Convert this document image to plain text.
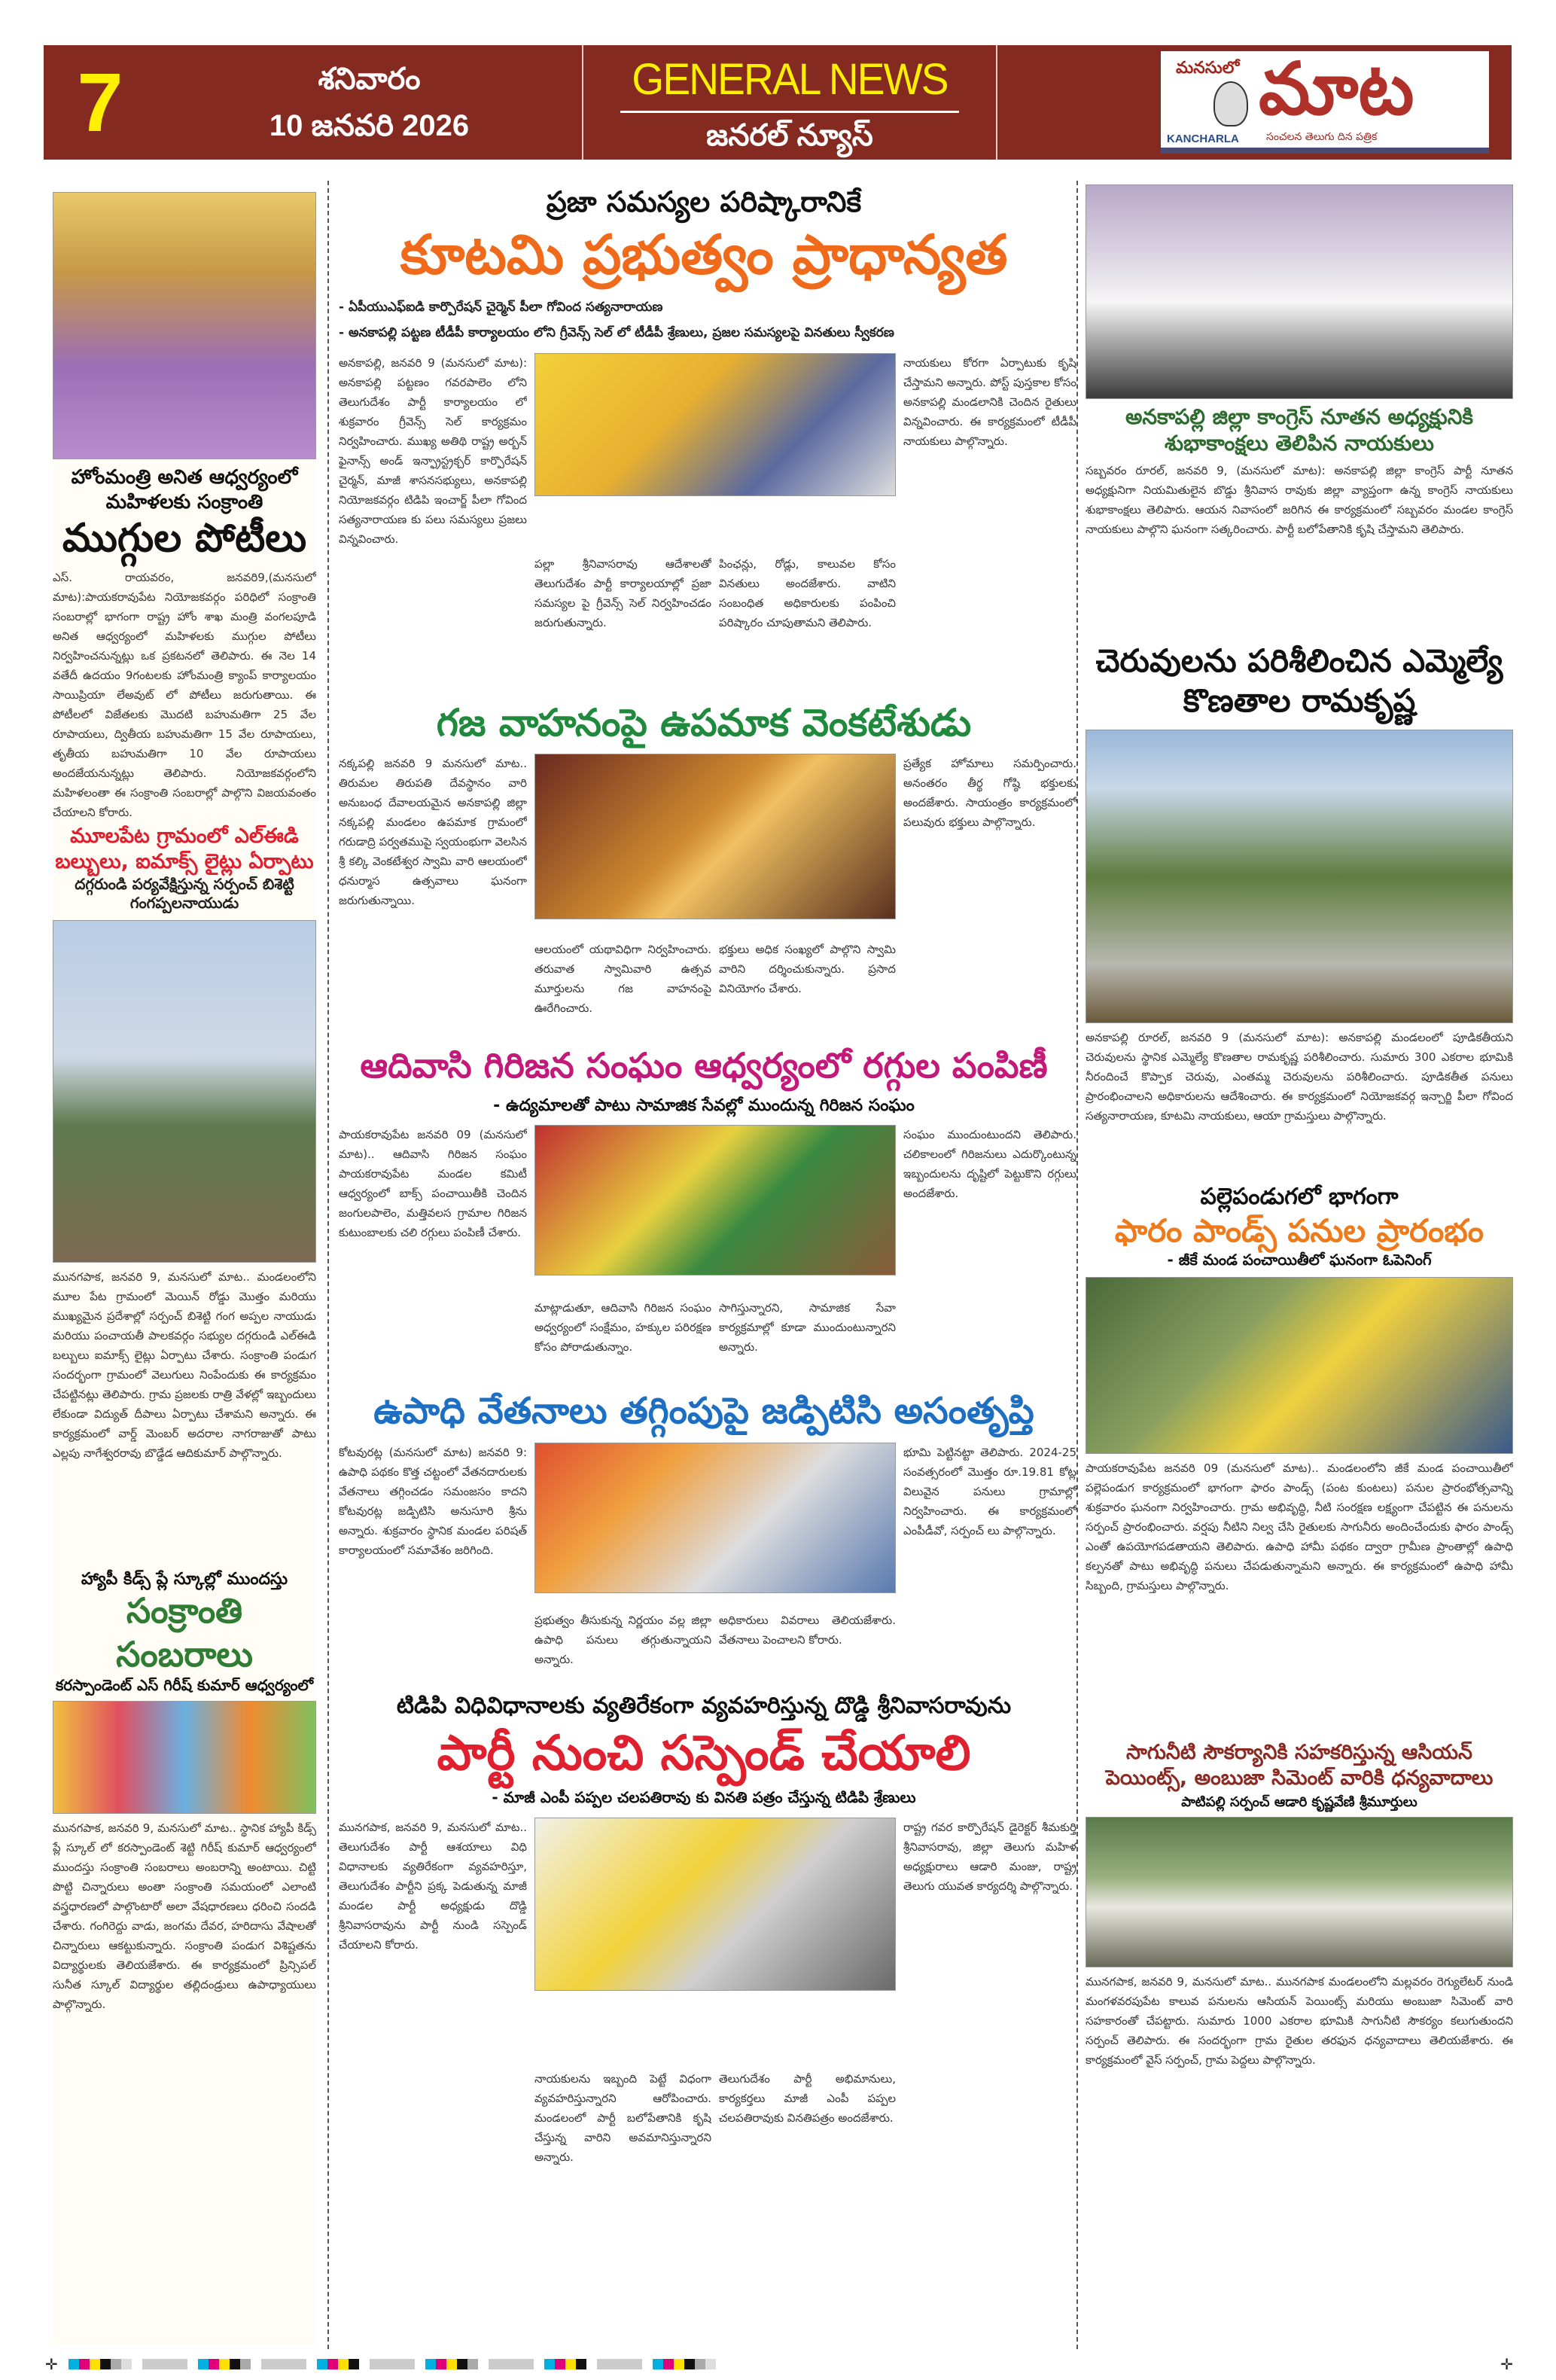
7	శనివారం
10 జనవరి 2026
GENERAL NEWS
జనరల్ న్యూస్
మనసులో మాట
KANCHARLA	సంచలన తెలుగు దిన పత్రిక
హోంమంత్రి అనిత ఆధ్వర్యంలో
మహిళలకు సంక్రాంతి
ముగ్గుల పోటీలు
ఎస్. రాయవరం, జనవరి9,(మనసులో మాట):పాయకరావుపేట నియోజకవర్గం పరిధిలో సంక్రాంతి సంబరాల్లో భాగంగా రాష్ట్ర హోం శాఖ మంత్రి వంగలపూడి అనిత ఆధ్వర్యంలో మహిళలకు ముగ్గుల పోటీలు నిర్వహించనున్నట్లు ఒక ప్రకటనలో తెలిపారు. ఈ నెల 14 వతేదీ ఉదయం 9గంటలకు హోంమంత్రి క్యాంప్ కార్యాలయం సాయిప్రియా లేఅవుట్ లో పోటీలు జరుగుతాయి. ఈ పోటీలలో విజేతలకు మొదటి బహుమతిగా 25 వేల రూపాయలు, ద్వితీయ బహుమతిగా 15 వేల రూపాయలు, తృతీయ బహుమతిగా 10 వేల రూపాయలు అందజేయనున్నట్లు తెలిపారు. నియోజకవర్గంలోని మహిళలంతా ఈ సంక్రాంతి సంబరాల్లో పాల్గొని విజయవంతం చేయాలని కోరారు.
మూలపేట గ్రామంలో ఎల్ఈడి బల్బులు, ఐమాక్స్ లైట్లు ఏర్పాటు
దగ్గరుండి పర్యవేక్షిస్తున్న సర్పంచ్ బిశెట్టి గంగప్పలనాయుడు
మునగపాక, జనవరి 9, మనసులో మాట.. మండలంలోని మూల పేట గ్రామంలో మెయిన్ రోడ్డు మొత్తం మరియు ముఖ్యమైన ప్రదేశాల్లో సర్పంచ్ బిశెట్టి గంగ అప్పల నాయుడు మరియు పంచాయతీ పాలకవర్గం సభ్యుల దగ్గరుండి ఎల్ఈడి బల్బులు ఐమాక్స్ లైట్లు ఏర్పాటు చేశారు. సంక్రాంతి పండుగ సందర్భంగా గ్రామంలో వెలుగులు నింపేందుకు ఈ కార్యక్రమం చేపట్టినట్లు తెలిపారు. గ్రామ ప్రజలకు రాత్రి వేళల్లో ఇబ్బందులు లేకుండా విద్యుత్ దీపాలు ఏర్పాటు చేశామని అన్నారు. ఈ కార్యక్రమంలో వార్డ్ మెంబర్ అదరాల నాగరాజుతో పాటు ఎల్లపు నాగేశ్వరరావు బొడ్డేడ ఆదికుమార్ పాల్గొన్నారు.
హ్యాపీ కిడ్స్ ప్లే స్కూల్లో ముందస్తు
సంక్రాంతి సంబరాలు
కరస్పాండెంట్ ఎస్ గిరీష్ కుమార్ ఆధ్వర్యంలో
మునగపాక, జనవరి 9, మనసులో మాట.. స్థానిక హ్యాపీ కిడ్స్ ప్లే స్కూల్ లో కరస్పాండెంట్ శెట్టి గిరీష్ కుమార్ ఆధ్వర్యంలో ముందస్తు సంక్రాంతి సంబరాలు అంబరాన్ని అంటాయి. చిట్టి పొట్టి చిన్నారులు అంతా సంక్రాంతి సమయంలో ఎలాంటి వస్త్రధారణలో పాల్గొంటారో అలా వేషధారణలు ధరించి సందడి చేశారు. గంగిరెద్దు వాడు, జంగమ దేవర, హరిదాసు వేషాలతో చిన్నారులు ఆకట్టుకున్నారు. సంక్రాంతి పండుగ విశిష్టతను విద్యార్థులకు తెలియజేశారు. ఈ కార్యక్రమంలో ప్రిన్సిపల్ సునీత స్కూల్ విద్యార్థుల తల్లిదండ్రులు ఉపాధ్యాయులు పాల్గొన్నారు.
ప్రజా సమస్యల పరిష్కారానికే
కూటమి ప్రభుత్వం ప్రాధాన్యత
- ఏపీయుఎఫ్ఐడి కార్పొరేషన్ చైర్మెన్ పీలా గోవింద సత్యనారాయణ
- అనకాపల్లి పట్టణ టీడీపీ కార్యాలయం లోని గ్రీవెన్స్ సెల్ లో టీడీపీ శ్రేణులు, ప్రజల సమస్యలపై వినతులు స్వీకరణ
అనకాపల్లి, జనవరి 9 (మనసులో మాట): అనకాపల్లి పట్టణం గవరపాలెం లోని తెలుగుదేశం పార్టీ కార్యాలయం లో శుక్రవారం గ్రీవెన్స్ సెల్ కార్యక్రమం నిర్వహించారు. ముఖ్య అతిథి రాష్ట్ర అర్బన్ ఫైనాన్స్ అండ్ ఇన్ఫ్రాస్ట్రక్చర్ కార్పొరేషన్ చైర్మన్, మాజీ శాసనసభ్యులు, అనకాపల్లి నియోజకవర్గం టిడిపి ఇంచార్జ్ పీలా గోవింద సత్యనారాయణ కు పలు సమస్యలు ప్రజలు విన్నవించారు.
పల్లా శ్రీనివాసరావు ఆదేశాలతో తెలుగుదేశం పార్టీ కార్యాలయాల్లో ప్రజా సమస్యల పై గ్రీవెన్స్ సెల్ నిర్వహించడం జరుగుతున్నారు.
పింఛన్లు, రోడ్లు, కాలువల కోసం వినతులు అందజేశారు. వాటిని సంబంధిత అధికారులకు పంపించి పరిష్కారం చూపుతామని తెలిపారు.
నాయకులు కోరగా ఏర్పాటుకు కృషి చేస్తామని అన్నారు. పోస్ట్ పుస్తకాల కోసం అనకాపల్లి మండలానికి చెందిన రైతులు విన్నవించారు. ఈ కార్యక్రమంలో టీడీపీ నాయకులు పాల్గొన్నారు.
గజ వాహనంపై ఉపమాక వెంకటేశుడు
నక్కపల్లి జనవరి 9 మనసులో మాట.. తిరుమల తిరుపతి దేవస్థానం వారి అనుబంధ దేవాలయమైన అనకాపల్లి జిల్లా నక్కపల్లి మండలం ఉపమాక గ్రామంలో గరుడాద్రి పర్వతముపై స్వయంభుగా వెలసిన శ్రీ కల్కి వెంకటేశ్వర స్వామి వారి ఆలయంలో ధనుర్మాస ఉత్సవాలు ఘనంగా జరుగుతున్నాయి.
ఆలయంలో యథావిధిగా నిర్వహించారు. తరువాత స్వామివారి ఉత్సవ మూర్తులను గజ వాహనంపై ఊరేగించారు.
భక్తులు అధిక సంఖ్యలో పాల్గొని స్వామి వారిని దర్శించుకున్నారు. ప్రసాద వినియోగం చేశారు.
ప్రత్యేక హోమాలు సమర్పించారు. అనంతరం తీర్థ గోష్ఠి భక్తులకు అందజేశారు. సాయంత్రం కార్యక్రమంలో పలువురు భక్తులు పాల్గొన్నారు.
ఆదివాసి గిరిజన సంఘం ఆధ్వర్యంలో రగ్గుల పంపిణీ
- ఉద్యమాలతో పాటు సామాజిక సేవల్లో ముందున్న గిరిజన సంఘం
పాయకరావుపేట జనవరి 09 (మనసులో మాట).. ఆదివాసి గిరిజన సంఘం పాయకరావుపేట మండల కమిటీ ఆధ్వర్యంలో బాక్స్ పంచాయితీకి చెందిన జంగులపాలెం, మత్తివలస గ్రామాల గిరిజన కుటుంబాలకు చలి రగ్గులు పంపిణీ చేశారు.
మాట్లాడుతూ, ఆదివాసి గిరిజన సంఘం అధ్వర్యంలో సంక్షేమం, హక్కుల పరిరక్షణ కోసం పోరాడుతున్నాం.
సాగిస్తున్నారని, సామాజిక సేవా కార్యక్రమాల్లో కూడా ముందుంటున్నారని అన్నారు.
సంఘం ముందుంటుందని తెలిపారు. చలికాలంలో గిరిజనులు ఎదుర్కొంటున్న ఇబ్బందులను దృష్టిలో పెట్టుకొని రగ్గులు అందజేశారు.
ఉపాధి వేతనాలు తగ్గింపుపై జడ్పిటిసి అసంతృప్తి
కోటవురట్ల (మనసులో మాట) జనవరి 9: ఉపాధి పథకం కొత్త చట్టంలో వేతనదారులకు వేతనాలు తగ్గించడం సమంజసం కాదని కోటవురట్ల జడ్పిటిసి అనుసూరి శ్రీను అన్నారు. శుక్రవారం స్థానిక మండల పరిషత్ కార్యాలయంలో సమావేశం జరిగింది.
ప్రభుత్వం తీసుకున్న నిర్ణయం వల్ల జిల్లా ఉపాధి పనులు తగ్గుతున్నాయని అన్నారు.
అధికారులు వివరాలు తెలియజేశారు. వేతనాలు పెంచాలని కోరారు.
భూమి పెట్టినట్టా తెలిపారు. 2024-25 సంవత్సరంలో మొత్తం రూ.19.81 కోట్ల విలువైన పనులు గ్రామాల్లో నిర్వహించారు. ఈ కార్యక్రమంలో ఎంపీడీవో, సర్పంచ్ లు పాల్గొన్నారు.
టిడిపి విధివిధానాలకు వ్యతిరేకంగా వ్యవహరిస్తున్న దొడ్డి శ్రీనివాసరావును
పార్టీ నుంచి సస్పెండ్ చేయాలి
- మాజీ ఎంపీ పప్పల చలపతిరావు కు వినతి పత్రం చేస్తున్న టిడిపి శ్రేణులు
మునగపాక, జనవరి 9, మనసులో మాట.. తెలుగుదేశం పార్టీ ఆశయాలు విధి విధానాలకు వ్యతిరేకంగా వ్యవహరిస్తూ, తెలుగుదేశం పార్టీని ప్రక్క పెడుతున్న మాజీ మండల పార్టీ అధ్యక్షుడు దొడ్డి శ్రీనివాసరావును పార్టీ నుండి సస్పెండ్ చేయాలని కోరారు.
నాయకులను ఇబ్బంది పెట్టే విధంగా వ్యవహరిస్తున్నారని ఆరోపించారు. మండలంలో పార్టీ బలోపేతానికి కృషి చేస్తున్న వారిని అవమానిస్తున్నారని అన్నారు.
తెలుగుదేశం పార్టీ అభిమానులు, కార్యకర్తలు మాజీ ఎంపీ పప్పల చలపతిరావుకు వినతిపత్రం అందజేశారు.
రాష్ట్ర గవర కార్పొరేషన్ డైరెక్టర్ శీమకుర్తి శ్రీనివాసరావు, జిల్లా తెలుగు మహిళ అధ్యక్షురాలు ఆడారి మంజు, రాష్ట్ర తెలుగు యువత కార్యదర్శి పాల్గొన్నారు.
అనకాపల్లి జిల్లా కాంగ్రెస్ నూతన అధ్యక్షునికి శుభాకాంక్షలు తెలిపిన నాయకులు
సబ్బవరం రూరల్, జనవరి 9, (మనసులో మాట): అనకాపల్లి జిల్లా కాంగ్రెస్ పార్టీ నూతన అధ్యక్షునిగా నియమితులైన బొడ్డు శ్రీనివాస రావుకు జిల్లా వ్యాప్తంగా ఉన్న కాంగ్రెస్ నాయకులు శుభాకాంక్షలు తెలిపారు. ఆయన నివాసంలో జరిగిన ఈ కార్యక్రమంలో సబ్బవరం మండల కాంగ్రెస్ నాయకులు పాల్గొని ఘనంగా సత్కరించారు. పార్టీ బలోపేతానికి కృషి చేస్తామని తెలిపారు.
చెరువులను పరిశీలించిన ఎమ్మెల్యే కొణతాల రామకృష్ణ
అనకాపల్లి రూరల్, జనవరి 9 (మనసులో మాట): అనకాపల్లి మండలంలో పూడికతీయని చెరువులను స్థానిక ఎమ్మెల్యే కొణతాల రామకృష్ణ పరిశీలించారు. సుమారు 300 ఎకరాల భూమికి నీరందించే కొప్పాక చెరువు, ఎంతమ్మ చెరువులను పరిశీలించారు. పూడికతీత పనులు ప్రారంభించాలని అధికారులను ఆదేశించారు. ఈ కార్యక్రమంలో నియోజకవర్గ ఇన్చార్జి పీలా గోవింద సత్యనారాయణ, కూటమి నాయకులు, ఆయా గ్రామస్తులు పాల్గొన్నారు.
పల్లెపండుగలో భాగంగా
ఫారం పాండ్స్ పనుల ప్రారంభం
- జీకే మండ పంచాయితీలో ఘనంగా ఓపెనింగ్
పాయకరావుపేట జనవరి 09 (మనసులో మాట).. మండలంలోని జీకే మండ పంచాయితీలో పల్లెపండుగ కార్యక్రమంలో భాగంగా ఫారం పాండ్స్ (పంట కుంటలు) పనుల ప్రారంభోత్సవాన్ని శుక్రవారం ఘనంగా నిర్వహించారు. గ్రామ అభివృద్ధి, నీటి సంరక్షణ లక్ష్యంగా చేపట్టిన ఈ పనులను సర్పంచ్ ప్రారంభించారు. వర్షపు నీటిని నిల్వ చేసి రైతులకు సాగునీరు అందించేందుకు ఫారం పాండ్స్ ఎంతో ఉపయోగపడతాయని తెలిపారు. ఉపాధి హామీ పథకం ద్వారా గ్రామీణ ప్రాంతాల్లో ఉపాధి కల్పనతో పాటు అభివృద్ధి పనులు చేపడుతున్నామని అన్నారు. ఈ కార్యక్రమంలో ఉపాధి హామీ సిబ్బంది, గ్రామస్తులు పాల్గొన్నారు.
సాగునీటి సౌకర్యానికి సహకరిస్తున్న ఆసియన్ పెయింట్స్, అంబుజా సిమెంట్ వారికి ధన్యవాదాలు
పాటిపల్లి సర్పంచ్ ఆడారి కృష్ణవేణి శ్రీమూర్తులు
మునగపాక, జనవరి 9, మనసులో మాట.. మునగపాక మండలంలోని మల్లవరం రెగ్యులేటర్ నుండి మంగళవరపుపేట కాలువ పనులను ఆసియన్ పెయింట్స్ మరియు అంబుజా సిమెంట్ వారి సహకారంతో చేపట్టారు. సుమారు 1000 ఎకరాల భూమికి సాగునీటి సౌకర్యం కలుగుతుందని సర్పంచ్ తెలిపారు. ఈ సందర్భంగా గ్రామ రైతుల తరఫున ధన్యవాదాలు తెలియజేశారు. ఈ కార్యక్రమంలో వైస్ సర్పంచ్, గ్రామ పెద్దలు పాల్గొన్నారు.
✛	✛
